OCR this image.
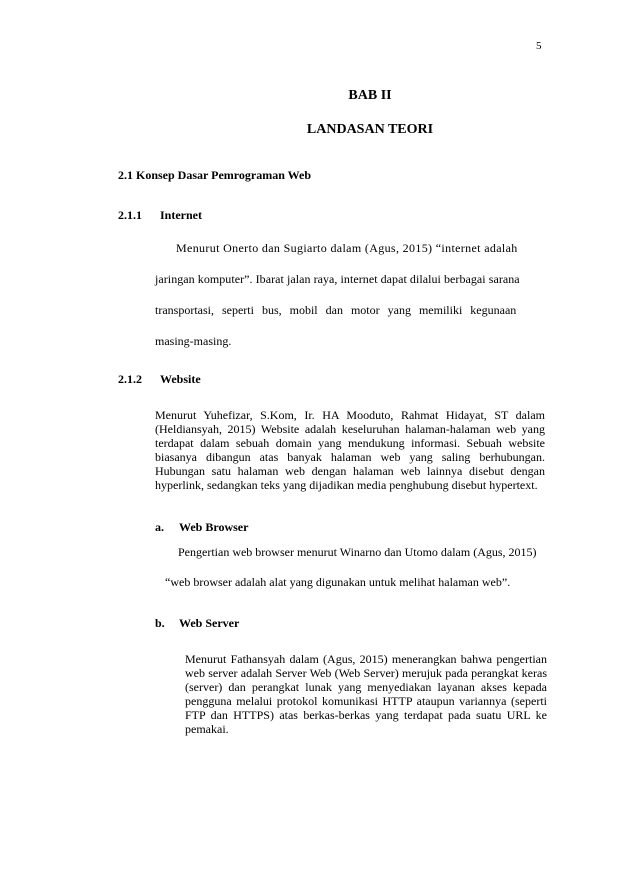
5
BAB II
LANDASAN TEORI
2.1 Konsep Dasar Pemrograman Web
2.1.1 Internet
Menurut Onerto dan Sugiarto dalam (Agus, 2015) “internet adalah
jaringan komputer”. Ibarat jalan raya, internet dapat dilalui berbagai sarana
transportasi, seperti bus, mobil dan motor yang memiliki kegunaan
masing-masing.
2.1.2 Website
Menurut Yuhefizar, S.Kom, Ir. HA Mooduto, Rahmat Hidayat, ST dalam (Heldiansyah, 2015) Website adalah keseluruhan halaman-halaman web yang terdapat dalam sebuah domain yang mendukung informasi. Sebuah website biasanya dibangun atas banyak halaman web yang saling berhubungan. Hubungan satu halaman web dengan halaman web lainnya disebut dengan hyperlink, sedangkan teks yang dijadikan media penghubung disebut hypertext.
a. Web Browser
Pengertian web browser menurut Winarno dan Utomo dalam (Agus, 2015)
“web browser adalah alat yang digunakan untuk melihat halaman web”.
b. Web Server
Menurut Fathansyah dalam (Agus, 2015) menerangkan bahwa pengertian web server adalah Server Web (Web Server) merujuk pada perangkat keras (server) dan perangkat lunak yang menyediakan layanan akses kepada pengguna melalui protokol komunikasi HTTP ataupun variannya (seperti FTP dan HTTPS) atas berkas-berkas yang terdapat pada suatu URL ke pemakai.
